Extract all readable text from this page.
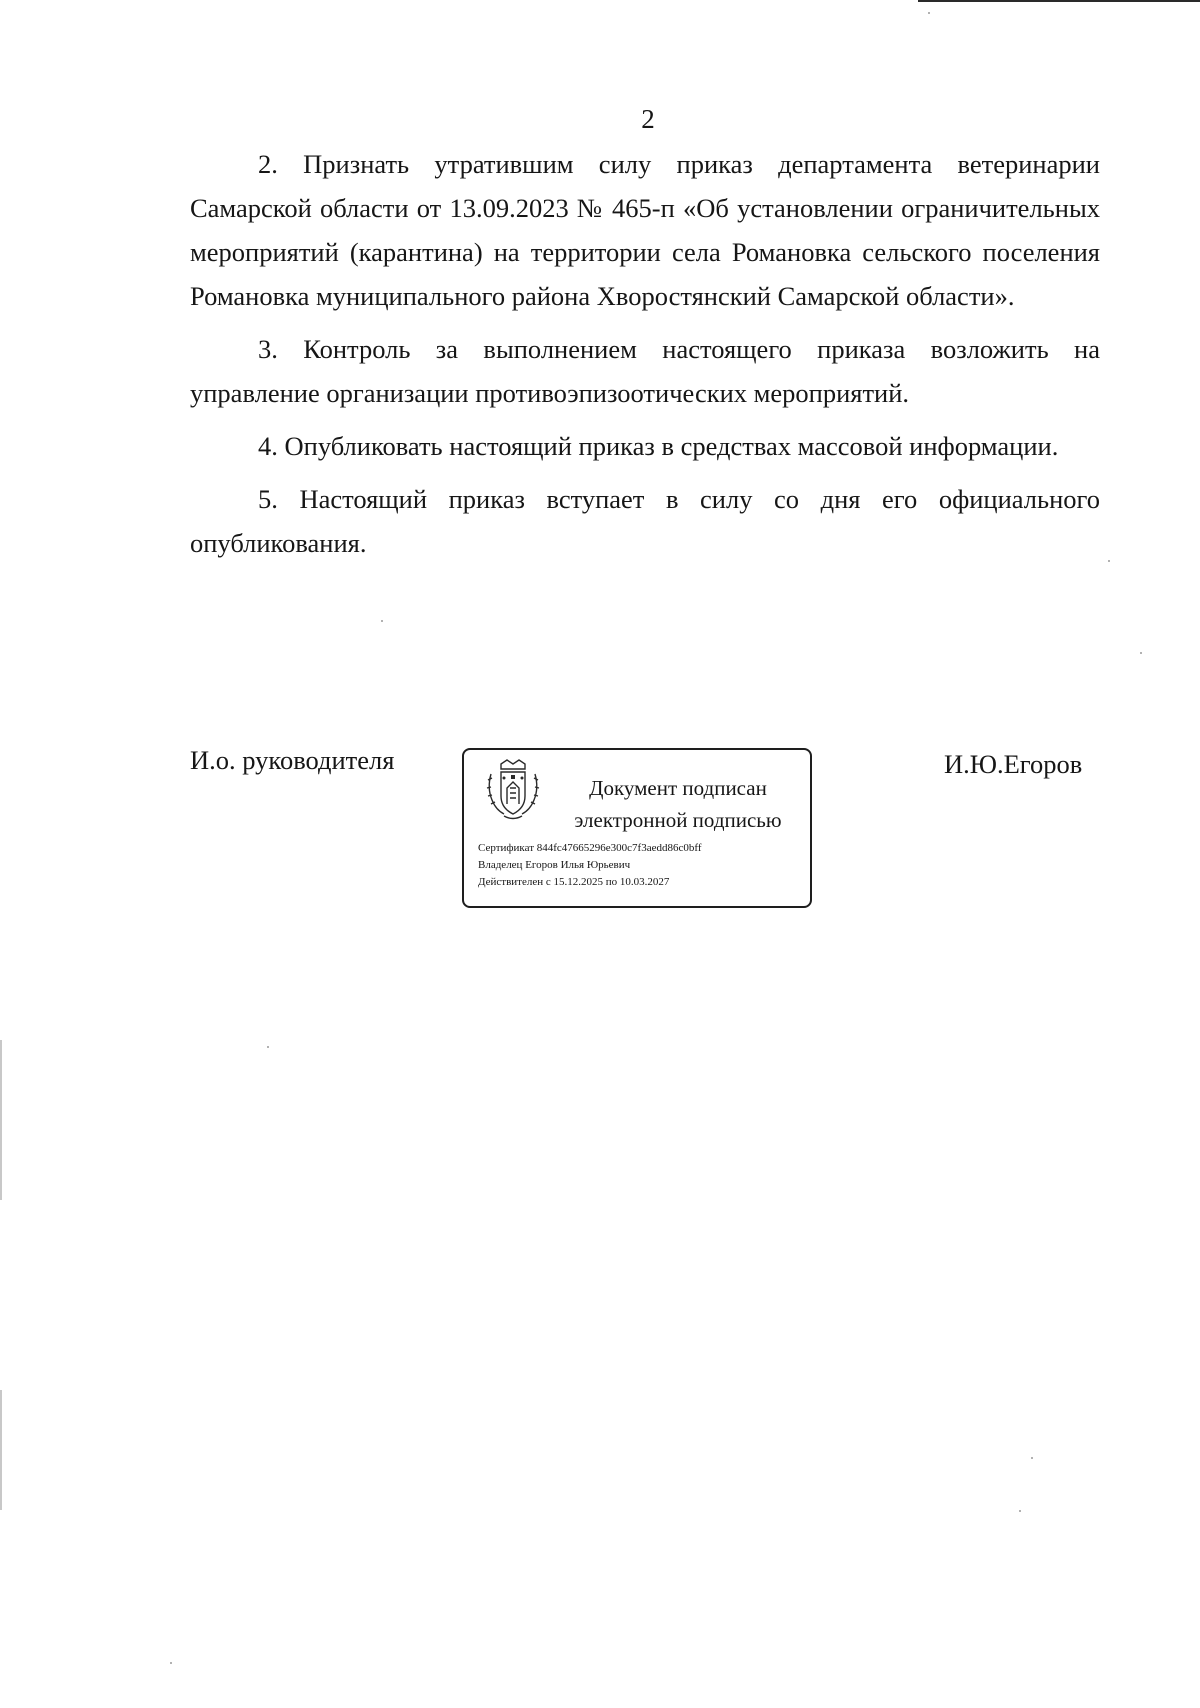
2

2. Признать утратившим силу приказ департамента ветеринарии Самарской области от 13.09.2023 № 465-п «Об установлении ограничительных мероприятий (карантина) на территории села Романовка сельского поселения Романовка муниципального района Хворостянский Самарской области».

3. Контроль за выполнением настоящего приказа возложить на управление организации противоэпизоотических мероприятий.

4. Опубликовать настоящий приказ в средствах массовой информации.

5. Настоящий приказ вступает в силу со дня его официального опубликования.

И.о. руководителя
Документ подписан
электронной подписью
Сертификат 844fc47665296e300c7f3aedd86c0bff
Владелец Егоров Илья Юрьевич
Действителен с 15.12.2025 по 10.03.2027
И.Ю.Егоров
